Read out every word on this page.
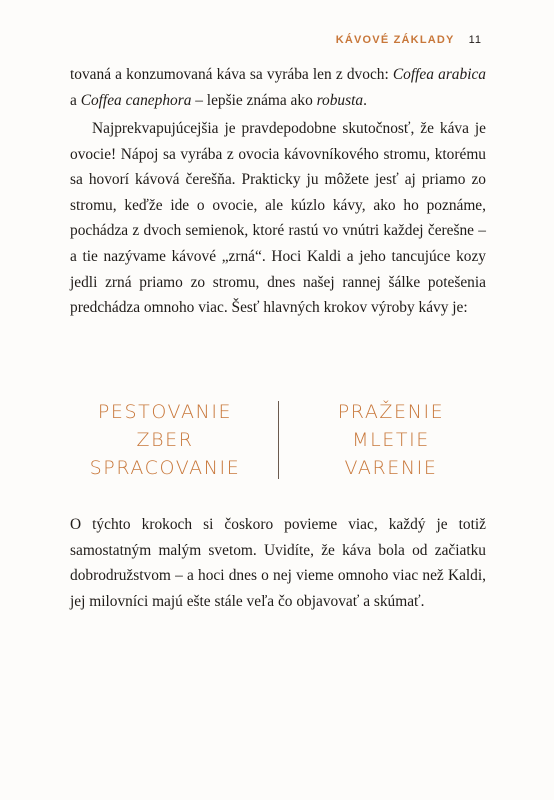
KÁVOVÉ ZÁKLADY 11

tovaná a konzumovaná káva sa vyrába len z dvoch: Coffea arabica a Coffea canephora – lepšie známa ako robusta.

Najprekvapujúcejšia je pravdepodobne skutočnosť, že káva je ovocie! Nápoj sa vyrába z ovocia kávovníkového stromu, ktorému sa hovorí kávová čerešňa. Prakticky ju môžete jesť aj priamo zo stromu, keďže ide o ovocie, ale kúzlo kávy, ako ho poznáme, pochádza z dvoch semienok, ktoré rastú vo vnútri každej čerešne – a tie nazývame kávové „zrná“. Hoci Kaldi a jeho tancujúce kozy jedli zrná priamo zo stromu, dnes našej rannej šálke potešenia predchádza omnoho viac. Šesť hlavných krokov výroby kávy je:

PESTOVANIE
ZBER
SPRACOVANIE
PRAŽENIE
MLETIE
VARENIE

O týchto krokoch si čoskoro povieme viac, každý je totiž samostatným malým svetom. Uvidíte, že káva bola od začiatku dobrodružstvom – a hoci dnes o nej vieme omnoho viac než Kaldi, jej milovníci majú ešte stále veľa čo objavovať a skúmať.
